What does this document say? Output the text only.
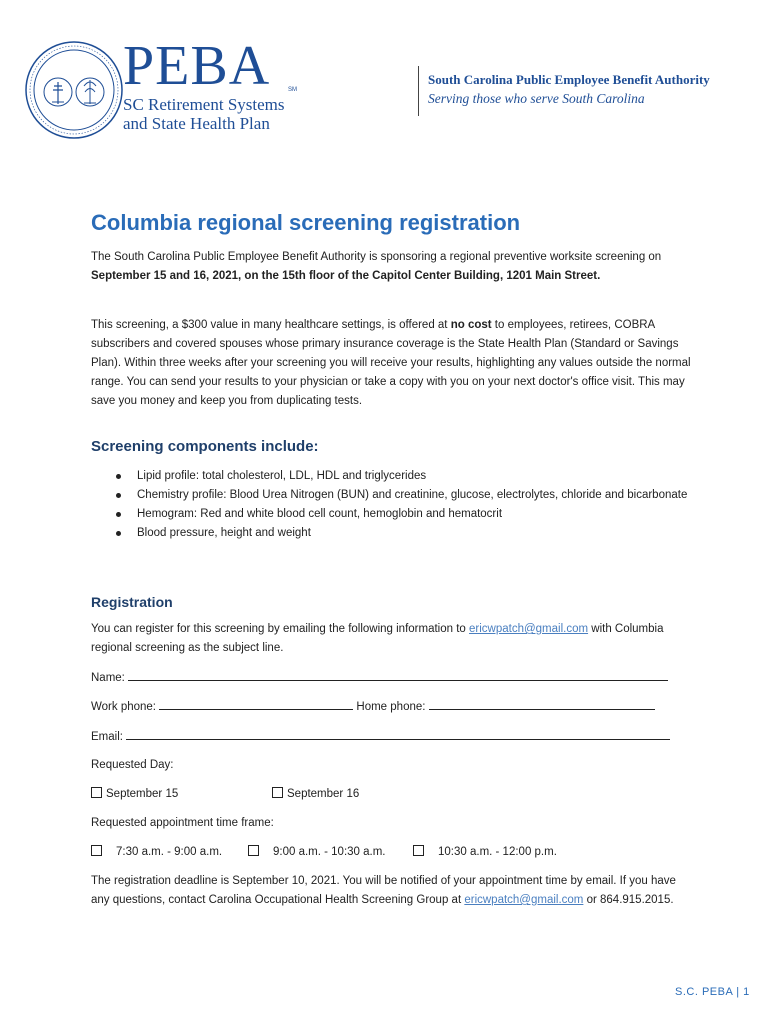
PEBA	SM
SC Retirement Systems
and State Health Plan
South Carolina Public Employee Benefit Authority
Serving those who serve South Carolina
Columbia regional screening registration
The South Carolina Public Employee Benefit Authority is sponsoring a regional preventive worksite screening on September 15 and 16, 2021, on the 15th floor of the Capitol Center Building, 1201 Main Street.
This screening, a $300 value in many healthcare settings, is offered at no cost to employees, retirees, COBRA subscribers and covered spouses whose primary insurance coverage is the State Health Plan (Standard or Savings Plan). Within three weeks after your screening you will receive your results, highlighting any values outside the normal range. You can send your results to your physician or take a copy with you on your next doctor's office visit. This may save you money and keep you from duplicating tests.
Screening components include:
Lipid profile: total cholesterol, LDL, HDL and triglycerides
Chemistry profile: Blood Urea Nitrogen (BUN) and creatinine, glucose, electrolytes, chloride and bicarbonate
Hemogram: Red and white blood cell count, hemoglobin and hematocrit
Blood pressure, height and weight
Registration
You can register for this screening by emailing the following information to ericwpatch@gmail.com with Columbia regional screening as the subject line.
Name:
Work phone:	Home phone:
Email:
Requested Day:
September 15	September 16
Requested appointment time frame:
7:30 a.m. - 9:00 a.m.	9:00 a.m. - 10:30 a.m.	10:30 a.m. - 12:00 p.m.
The registration deadline is September 10, 2021. You will be notified of your appointment time by email. If you have any questions, contact Carolina Occupational Health Screening Group at ericwpatch@gmail.com or 864.915.2015.
S.C. PEBA | 1
